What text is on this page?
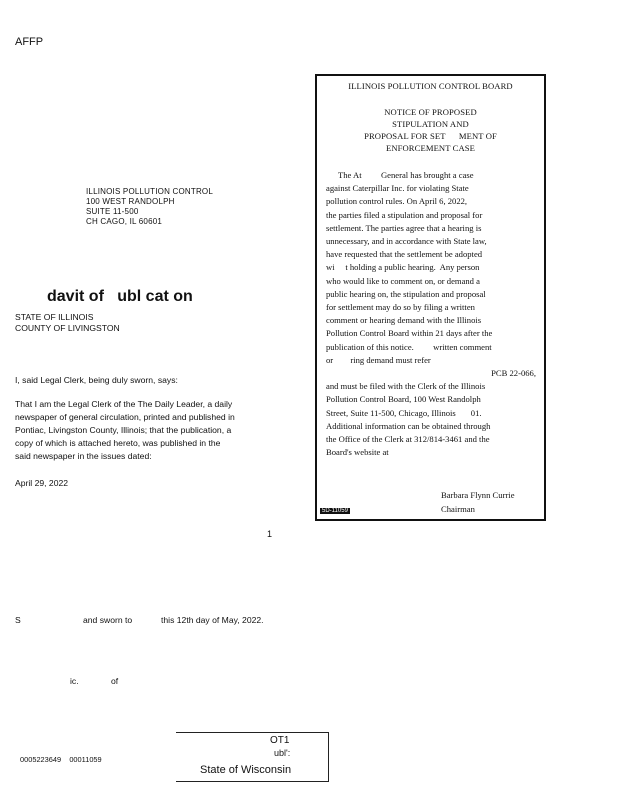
AFFP
ILLINOIS POLLUTION CONTROL
100 WEST RANDOLPH
SUITE 11-500
CH CAGO, IL 60601
davit of   ubl cat on
STATE OF ILLINOIS
COUNTY OF LIVINGSTON
I, said Legal Clerk, being duly sworn, says:
That I am the Legal Clerk of the The Daily Leader, a daily
newspaper of general circulation, printed and published in
Pontiac, Livingston County, Illinois; that the publication, a
copy of which is attached hereto, was published in the
said newspaper in the issues dated:
April 29, 2022
1
S	and sworn to	this 12th day of May, 2022.
ic.	of
0005223649    00011059
OT1
ubl':
State of Wisconsin
ILLINOIS POLLUTION CONTROL BOARD
NOTICE OF PROPOSED
STIPULATION AND
PROPOSAL FOR SET      MENT OF
ENFORCEMENT CASE
The At         General has brought a case
against Caterpillar Inc. for violating State
pollution control rules. On April 6, 2022,
the parties filed a stipulation and proposal for
settlement. The parties agree that a hearing is
unnecessary, and in accordance with State law,
have requested that the settlement be adopted
wi     t holding a public hearing.  Any person
who would like to comment on, or demand a
public hearing on, the stipulation and proposal
for settlement may do so by filing a written
comment or hearing demand with the Illinois
Pollution Control Board within 21 days after the
publication of this notice.         written comment
or        ring demand must refer
PCB 22-066,
and must be filed with the Clerk of the Illinois
Pollution Control Board, 100 West Randolph
Street, Suite 11-500, Chicago, Illinois       01.
Additional information can be obtained through
the Office of the Clerk at 312/814-3461 and the
Board's website at
Barbara Flynn Currie
Chairman
5D-11059
